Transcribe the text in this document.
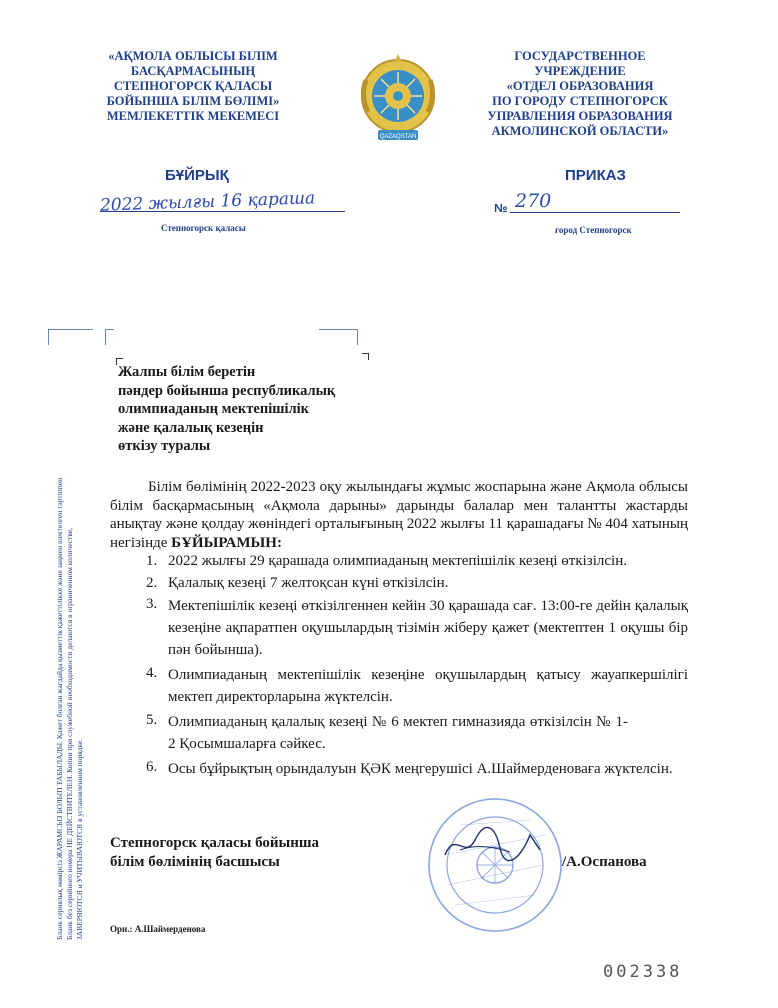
«АҚМОЛА ОБЛЫСЫ БІЛІМ
БАСҚАРМАСЫНЫҢ
СТЕПНОГОРСК ҚАЛАСЫ
БОЙЫНША БІЛІМ БӨЛІМІ»
МЕМЛЕКЕТТІК МЕКЕМЕСІ
QAZAQSTAN
ГОСУДАРСТВЕННОЕ
УЧРЕЖДЕНИЕ
«ОТДЕЛ ОБРАЗОВАНИЯ
ПО ГОРОДУ СТЕПНОГОРСК
УПРАВЛЕНИЯ ОБРАЗОВАНИЯ
АКМОЛИНСКОЙ ОБЛАСТИ»
БҰЙРЫҚ	ПРИКАЗ
2022 жылғы 16 қараша	№ 270
Степногорск қаласы	город Степногорск
Бланк сериялық нөмірсіз ЖАРАМСЫЗ БОЛЫП ТАБЫЛАДЫ. Қажет болған жағдайда қызметтік қажеттілікке және заңмен шектелген тәртіппен Бланк без серийного номера НЕ ДЕЙСТВИТЕЛЕН. Копии при служебной необходимости делаются в ограниченном количестве, ЗАВЕРЯЮТСЯ и УЧИТЫВАЮТСЯ в установленном порядке.
Жалпы білім беретін
пәндер бойынша республикалық
олимпиаданың мектепішілік
және қалалық кезеңін
өткізу туралы
Білім бөлімінің 2022-2023 оқу жылындағы жұмыс жоспарына және Ақмола облысы білім басқармасының «Ақмола дарыны» дарынды балалар мен талантты жастарды анықтау және қолдау жөніндегі орталығының 2022 жылғы 11 қарашадағы № 404 хатының негізінде БҰЙЫРАМЫН:
1. 2022 жылғы 29 қарашада олимпиаданың мектепішілік кезеңі өткізілсін.
2. Қалалық кезеңі 7 желтоқсан күні өткізілсін.
3. Мектепішілік кезеңі өткізілгеннен кейін 30 қарашада сағ. 13:00-ге дейін қалалық кезеңіне ақпаратпен оқушылардың тізімін жіберу қажет (мектептен 1 оқушы бір пән бойынша).
4. Олимпиаданың мектепішілік кезеңіне оқушылардың қатысу жауапкершілігі мектеп директорларына жүктелсін.
5. Олимпиаданың қалалық кезеңі № 6 мектеп гимназияда өткізілсін № 1- 2 Қосымшаларға сәйкес.
6. Осы бұйрықтың орындалуын ҚӘК меңгерушісі А.Шаймерденоваға жүктелсін.
Степногорск қаласы бойынша
білім бөлімінің басшысы	/А.Оспанова
Орн.: А.Шаймерденова
002338
